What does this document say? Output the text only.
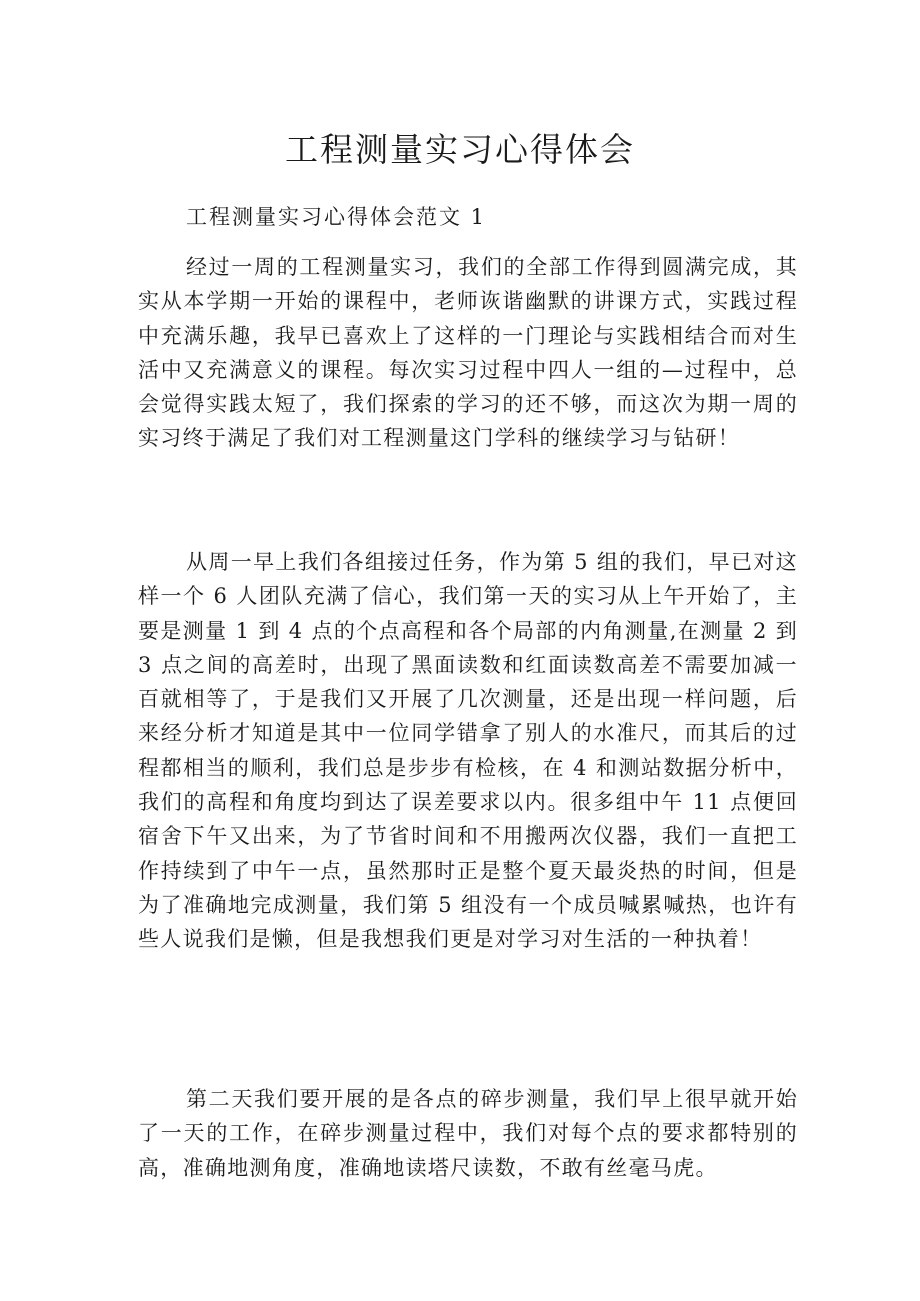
工程测量实习心得体会

工程测量实习心得体会范文 1

经过一周的工程测量实习，我们的全部工作得到圆满完成，其实从本学期一开始的课程中，老师诙谐幽默的讲课方式，实践过程中充满乐趣，我早已喜欢上了这样的一门理论与实践相结合而对生活中又充满意义的课程。每次实习过程中四人一组的—过程中，总会觉得实践太短了，我们探索的学习的还不够，而这次为期一周的实习终于满足了我们对工程测量这门学科的继续学习与钻研！

从周一早上我们各组接过任务，作为第 5 组的我们，早已对这样一个 6 人团队充满了信心，我们第一天的实习从上午开始了，主要是测量 1 到 4 点的个点高程和各个局部的内角测量,在测量 2 到 3 点之间的高差时，出现了黑面读数和红面读数高差不需要加减一百就相等了，于是我们又开展了几次测量，还是出现一样问题，后来经分析才知道是其中一位同学错拿了别人的水准尺，而其后的过程都相当的顺利，我们总是步步有检核，在 4 和测站数据分析中，我们的高程和角度均到达了误差要求以内。很多组中午 11 点便回宿舍下午又出来，为了节省时间和不用搬两次仪器，我们一直把工作持续到了中午一点，虽然那时正是整个夏天最炎热的时间，但是为了准确地完成测量，我们第 5 组没有一个成员喊累喊热，也许有些人说我们是懒，但是我想我们更是对学习对生活的一种执着！

第二天我们要开展的是各点的碎步测量，我们早上很早就开始了一天的工作，在碎步测量过程中，我们对每个点的要求都特别的高，准确地测角度，准确地读塔尺读数，不敢有丝毫马虎。
